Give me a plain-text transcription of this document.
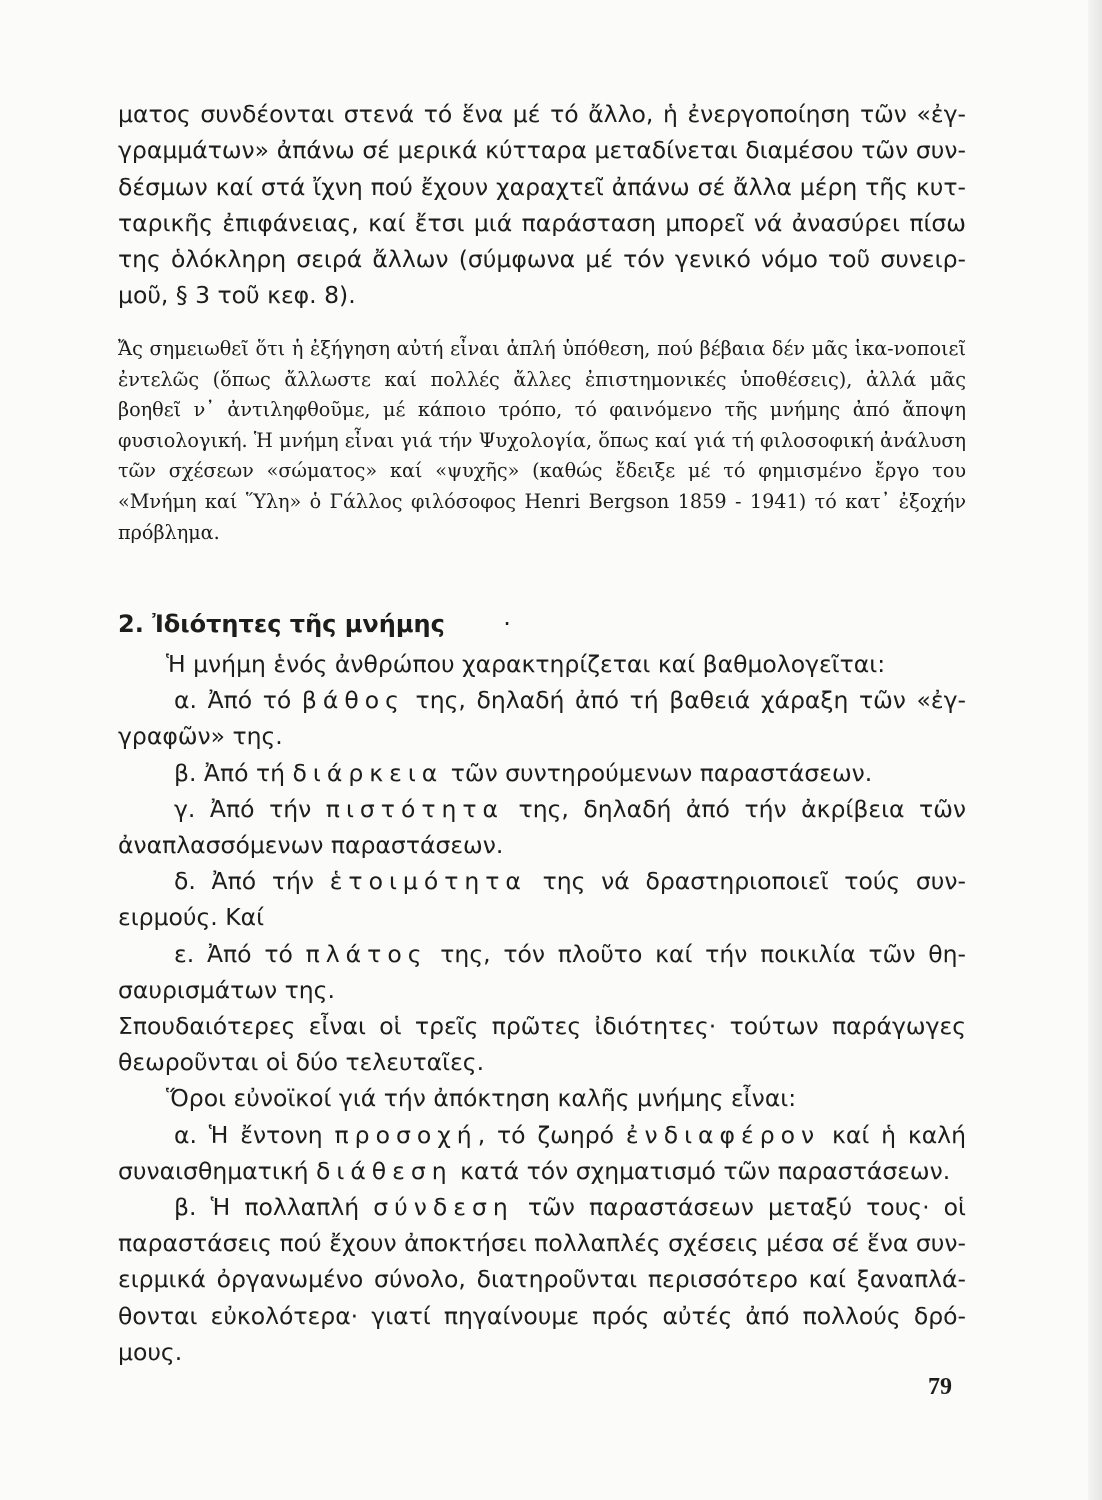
ματος συνδέονται στενά τό ἕνα μέ τό ἄλλο, ἡ ἐνεργοποίηση τῶν «ἐγ-γραμμάτων» ἀπάνω σέ μερικά κύτταρα μεταδίνεται διαμέσου τῶν συν-δέσμων καί στά ἴχνη πού ἔχουν χαραχτεῖ ἀπάνω σέ ἄλλα μέρη τῆς κυτ-ταρικῆς ἐπιφάνειας, καί ἔτσι μιά παράσταση μπορεῖ νά ἀνασύρει πίσω της ὁλόκληρη σειρά ἄλλων (σύμφωνα μέ τόν γενικό νόμο τοῦ συνειρ-μοῦ, § 3 τοῦ κεφ. 8).
Ἄς σημειωθεῖ ὅτι ἡ ἐξήγηση αὐτή εἶναι ἁπλή ὑπόθεση, πού βέβαια δέν μᾶς ἱκα-νοποιεῖ ἐντελῶς (ὅπως ἄλλωστε καί πολλές ἄλλες ἐπιστημονικές ὑποθέσεις), ἀλλά μᾶς βοηθεῖ ν᾽ ἀντιληφθοῦμε, μέ κάποιο τρόπο, τό φαινόμενο τῆς μνήμης ἀπό ἄποψη φυσιολογική. Ἡ μνήμη εἶναι γιά τήν Ψυχολογία, ὅπως καί γιά τή φιλοσοφική ἀνάλυση τῶν σχέσεων «σώματος» καί «ψυχῆς» (καθώς ἔδειξε μέ τό φημισμένο ἔργο του «Μνήμη καί Ὕλη» ὁ Γάλλος φιλόσοφος Henri Bergson 1859 - 1941) τό κατ᾽ ἐξοχήν πρόβλημα.
2. Ἰδιότητες τῆς μνήμης ·

Ἡ μνήμη ἑνός ἀνθρώπου χαρακτηρίζεται καί βαθμολογεῖται:

α. Ἀπό τό βάθος της, δηλαδή ἀπό τή βαθειά χάραξη τῶν «ἐγ-γραφῶν» της.

β. Ἀπό τή διάρκεια τῶν συντηρούμενων παραστάσεων.

γ. Ἀπό τήν πιστότητα της, δηλαδή ἀπό τήν ἀκρίβεια τῶν ἀναπλασσόμενων παραστάσεων.

δ. Ἀπό τήν ἑτοιμότητα της νά δραστηριοποιεῖ τούς συν-ειρμούς. Καί

ε. Ἀπό τό πλάτος της, τόν πλοῦτο καί τήν ποικιλία τῶν θη-σαυρισμάτων της.

Σπουδαιότερες εἶναι οἱ τρεῖς πρῶτες ἰδιότητες· τούτων παράγωγες θεωροῦνται οἱ δύο τελευταῖες.

Ὅροι εὐνοϊκοί γιά τήν ἀπόκτηση καλῆς μνήμης εἶναι:

α. Ἡ ἔντονη προσοχή, τό ζωηρό ἐνδιαφέρον καί ἡ καλή συναισθηματική διάθεση κατά τόν σχηματισμό τῶν παραστάσεων.

β. Ἡ πολλαπλή σύνδεση τῶν παραστάσεων μεταξύ τους· οἱ παραστάσεις πού ἔχουν ἀποκτήσει πολλαπλές σχέσεις μέσα σέ ἕνα συν-ειρμικά ὀργανωμένο σύνολο, διατηροῦνται περισσότερο καί ξαναπλά-θονται εὐκολότερα· γιατί πηγαίνουμε πρός αὐτές ἀπό πολλούς δρό-μους.

79
